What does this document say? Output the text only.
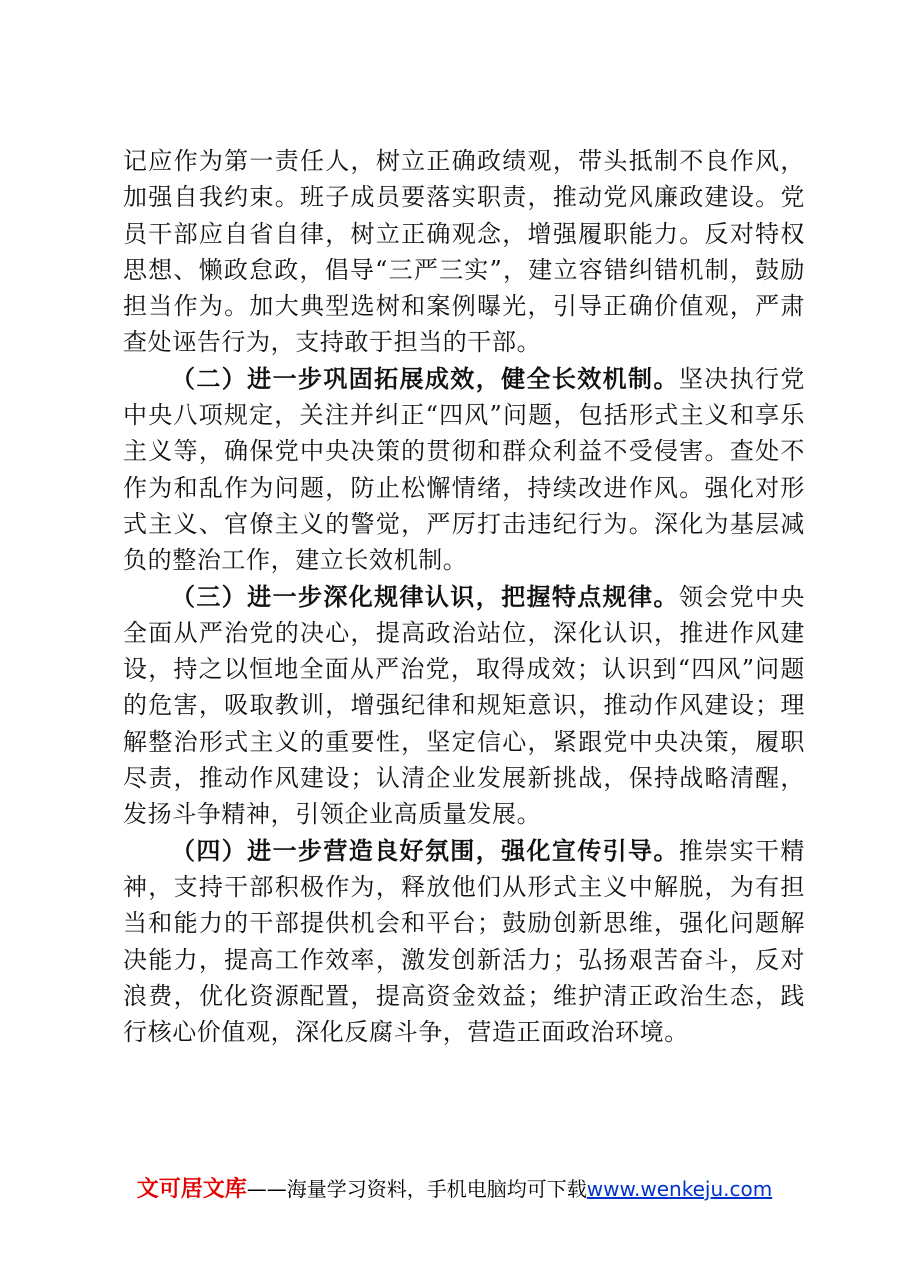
记应作为第一责任人，树立正确政绩观，带头抵制不良作风，加强自我约束。班子成员要落实职责，推动党风廉政建设。党员干部应自省自律，树立正确观念，增强履职能力。反对特权思想、懒政怠政，倡导“三严三实”，建立容错纠错机制，鼓励担当作为。加大典型选树和案例曝光，引导正确价值观，严肃查处诬告行为，支持敢于担当的干部。

（二）进一步巩固拓展成效，健全长效机制。坚决执行党中央八项规定，关注并纠正“四风”问题，包括形式主义和享乐主义等，确保党中央决策的贯彻和群众利益不受侵害。查处不作为和乱作为问题，防止松懈情绪，持续改进作风。强化对形式主义、官僚主义的警觉，严厉打击违纪行为。深化为基层减负的整治工作，建立长效机制。

（三）进一步深化规律认识，把握特点规律。领会党中央全面从严治党的决心，提高政治站位，深化认识，推进作风建设，持之以恒地全面从严治党，取得成效；认识到“四风”问题的危害，吸取教训，增强纪律和规矩意识，推动作风建设；理解整治形式主义的重要性，坚定信心，紧跟党中央决策，履职尽责，推动作风建设；认清企业发展新挑战，保持战略清醒，发扬斗争精神，引领企业高质量发展。

（四）进一步营造良好氛围，强化宣传引导。推崇实干精神，支持干部积极作为，释放他们从形式主义中解脱，为有担当和能力的干部提供机会和平台；鼓励创新思维，强化问题解决能力，提高工作效率，激发创新活力；弘扬艰苦奋斗，反对浪费，优化资源配置，提高资金效益；维护清正政治生态，践行核心价值观，深化反腐斗争，营造正面政治环境。

文可居文库——海量学习资料，手机电脑均可下载www.wenkeju.com
